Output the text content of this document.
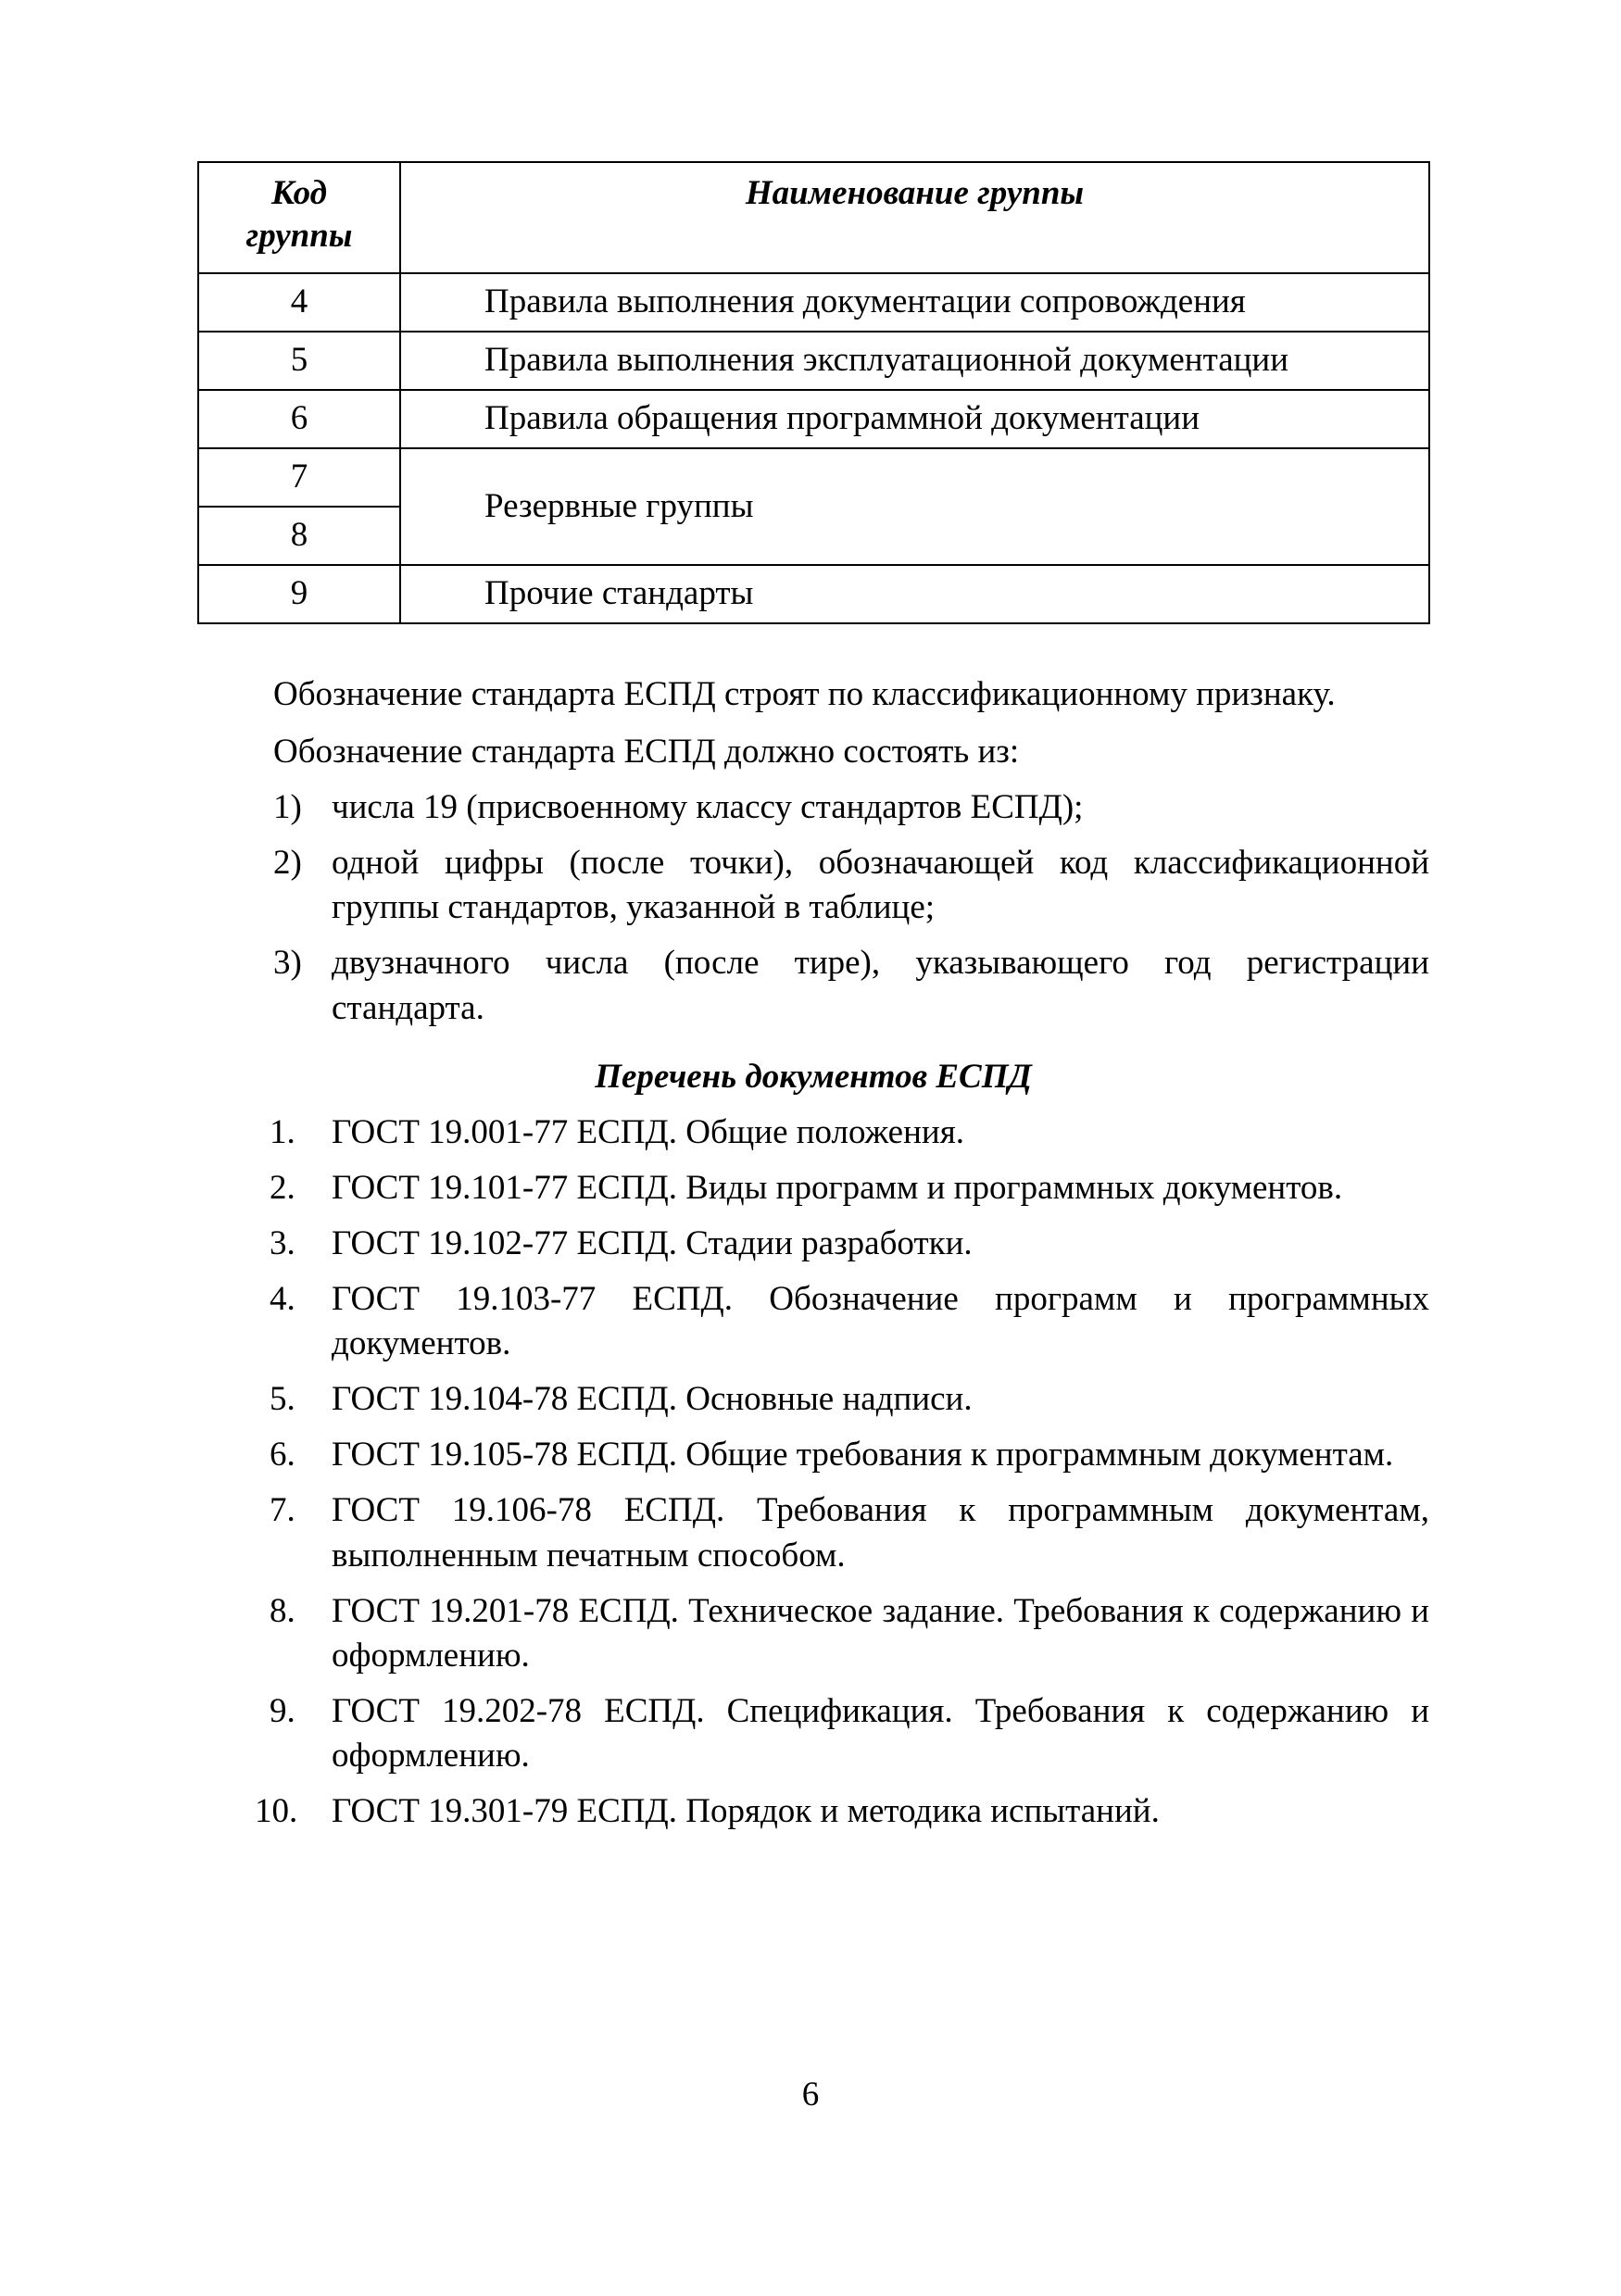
Код группы	Наименование группы
4	Правила выполнения документации сопровождения
5	Правила выполнения эксплуатационной документации
6	Правила обращения программной документации
7	Резервные группы
8	
9	Прочие стандарты

Обозначение стандарта ЕСПД строят по классификационному признаку.

Обозначение стандарта ЕСПД должно состоять из:

1) числа 19 (присвоенному классу стандартов ЕСПД);
2) одной цифры (после точки), обозначающей код классификационной группы стандартов, указанной в таблице;
3) двузначного числа (после тире), указывающего год регистрации стандарта.
Перечень документов ЕСПД
1.	ГОСТ 19.001-77 ЕСПД. Общие положения.
2.	ГОСТ 19.101-77 ЕСПД. Виды программ и программных документов.
3.	ГОСТ 19.102-77 ЕСПД. Стадии разработки.
4.	ГОСТ 19.103-77 ЕСПД. Обозначение программ и программных документов.
5.	ГОСТ 19.104-78 ЕСПД. Основные надписи.
6.	ГОСТ 19.105-78 ЕСПД. Общие требования к программным документам.
7.	ГОСТ 19.106-78 ЕСПД. Требования к программным документам, выполненным печатным способом.
8.	ГОСТ 19.201-78 ЕСПД. Техническое задание. Требования к содержанию и оформлению.
9.	ГОСТ 19.202-78 ЕСПД. Спецификация. Требования к содержанию и оформлению.
10. ГОСТ 19.301-79 ЕСПД. Порядок и методика испытаний.
6
